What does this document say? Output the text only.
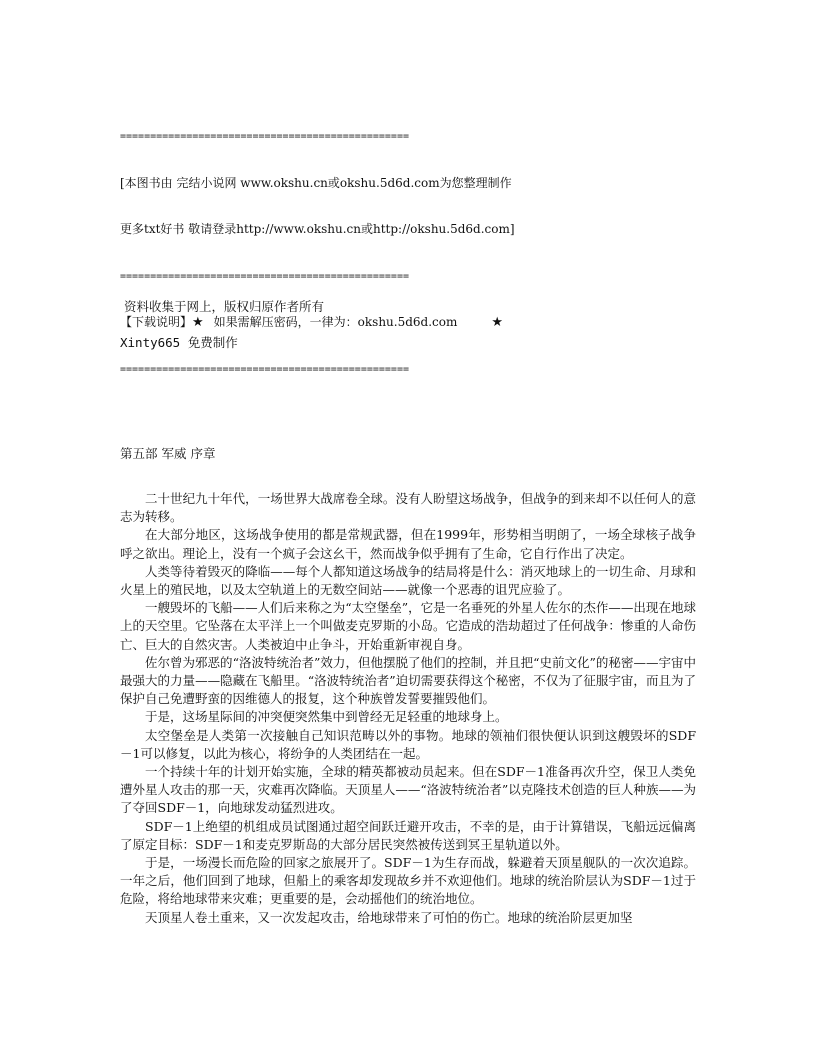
================================================

[本图书由 完结小说网 www.okshu.cn或okshu.5d6d.com为您整理制作

更多txt好书 敬请登录http://www.okshu.cn或http://okshu.5d6d.com]

================================================

【下载说明】 ★ 如果需解压密码，一律为：okshu.5d6d.com	★

================================================

资料收集于网上，版权归原作者所有
Xinty665 免费制作
第五部 军威 序章

二十世纪九十年代，一场世界大战席卷全球。没有人盼望这场战争，但战争的到来却不以任何人的意志为转移。

在大部分地区，这场战争使用的都是常规武器，但在1999年，形势相当明朗了，一场全球核子战争呼之欲出。理论上，没有一个疯子会这幺干，然而战争似乎拥有了生命，它自行作出了决定。

人类等待着毁灭的降临——每个人都知道这场战争的结局将是什么：消灭地球上的一切生命、月球和火星上的殖民地，以及太空轨道上的无数空间站——就像一个恶毒的诅咒应验了。

一艘毁坏的飞船——人们后来称之为“太空堡垒”，它是一名垂死的外星人佐尔的杰作——出现在地球上的天空里。它坠落在太平洋上一个叫做麦克罗斯的小岛。它造成的浩劫超过了任何战争：惨重的人命伤亡、巨大的自然灾害。人类被迫中止争斗，开始重新审视自身。

佐尔曾为邪恶的“洛波特统治者”效力，但他摆脱了他们的控制，并且把“史前文化”的秘密——宇宙中最强大的力量——隐藏在飞船里。“洛波特统治者”迫切需要获得这个秘密，不仅为了征服宇宙，而且为了保护自己免遭野蛮的因维德人的报复，这个种族曾发誓要摧毁他们。

于是，这场星际间的冲突便突然集中到曾经无足轻重的地球身上。

太空堡垒是人类第一次接触自己知识范畴以外的事物。地球的领袖们很快便认识到这艘毁坏的SDF－1可以修复，以此为核心，将纷争的人类团结在一起。

一个持续十年的计划开始实施，全球的精英都被动员起来。但在SDF－1准备再次升空，保卫人类免遭外星人攻击的那一天，灾难再次降临。天顶星人——“洛波特统治者”以克隆技术创造的巨人种族——为了夺回SDF－1，向地球发动猛烈进攻。

SDF－1上绝望的机组成员试图通过超空间跃迁避开攻击，不幸的是，由于计算错误，飞船远远偏离了原定目标：SDF－1和麦克罗斯岛的大部分居民突然被传送到冥王星轨道以外。

于是，一场漫长而危险的回家之旅展开了。SDF－1为生存而战，躲避着天顶星舰队的一次次追踪。一年之后，他们回到了地球，但船上的乘客却发现故乡并不欢迎他们。地球的统治阶层认为SDF－1过于危险，将给地球带来灾难；更重要的是，会动摇他们的统治地位。

天顶星人卷土重来，又一次发起攻击，给地球带来了可怕的伤亡。地球的统治阶层更加坚
